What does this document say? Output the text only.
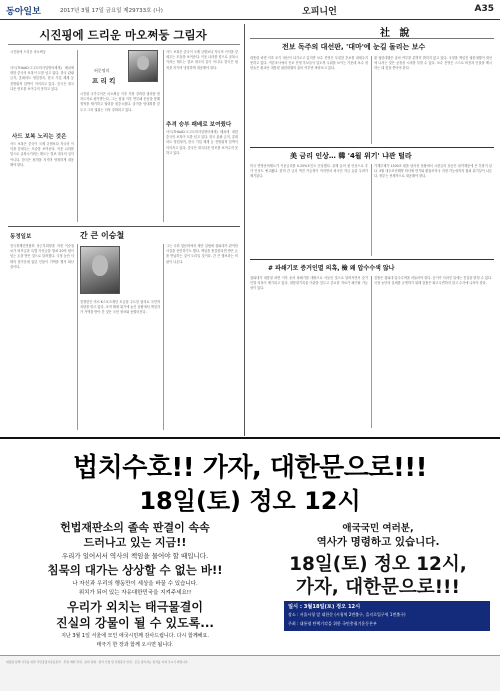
동아일보	2017년 3월 17일 금요일 제29733호 (나)	오피니언	A35
시진핑에 드리운 마오쩌둥 그림자
시진핑에 드리운 마오쩌둥
사드(THAAD·고고도미사일방어체계) 배치에 대한 중국의 보복이 도를 넘고 있다. 한국 관광 금지, 롯데마트 영업정지, 한국 기업 제재 등 전방위적 압박이 이어지고 있다. 중국은 대국다운 면모를 보여주지 못하고 있다.
사드 보복 노리는 것은
사드 보복은 중국이 국제 규범보다 자국의 이익을 앞세우는 모습을 보여준다. 이웃 나라를 힘으로 굴복시키려는 태도는 결코 대국의 길이 아니다. 한국은 원칙을 지키며 냉정하게 대응해야 한다.
허문명의
프 리 킥
시진핑 국가주석은 마오쩌둥 이후 가장 강력한 권력을 쥔 지도자로 평가받는다. 그는 집권 이후 반부패 운동을 통해 정적을 제거하고 권력을 집중시켰다. 올가을 당대회를 앞두고 그의 권위는 더욱 강화되고 있다.
추격 승부 패배로 보여줬다
사드 보복은 중국이 국제 규범보다 자국의 이익을 앞세우는 모습을 보여준다. 이웃 나라를 힘으로 굴복시키려는 태도는 결코 대국의 길이 아니다. 한국은 원칙을 지키며 냉정하게 대응해야 한다.
사드(THAAD·고고도미사일방어체계) 배치에 대한 중국의 보복이 도를 넘고 있다. 한국 관광 금지, 롯데마트 영업정지, 한국 기업 제재 등 전방위적 압박이 이어지고 있다. 중국은 대국다운 면모를 보여주지 못하고 있다.
동정일보	간 큰 이승철
전국경제인연합회 상근부회장을 지낸 이승철 씨가 퇴직금과 특별 가산금을 합쳐 20억 원이 넘는 돈을 받은 것으로 알려졌다. 국정 농단 사태의 한가운데 있던 인물이 거액을 챙겨 떠난 것이다.
전경련은 미르·K스포츠재단 모금을 주도한 혐의로 국민적 지탄을 받고 있다. 조직 해체 위기에 놓인 상황에서 책임자가 거액을 받아 간 것은 국민 정서와 동떨어진다.
그는 국회 청문회에서 재단 설립에 청와대가 관여한 사실을 증언하기도 했다. 책임을 통감한다면 받은 돈을 반납하는 것이 도리일 것이다. 간 큰 행보라는 비판이 나온다.
社 說
전보 독주의 대선판, '대마'에 눈길 돌리는 보수
대통령 파면 이후 조기 대선이 다가오고 있지만 보수 진영은 뚜렷한 후보를 내세우지 못하고 있다. 여론조사에서 진보 진영 후보들이 압도적 우위를 보이는 가운데 보수 정당들은 황교안 대통령 권한대행의 출마 여부만 바라보고 있다.
황 권한대행은 출마 여부를 분명히 밝히지 않고 있다. 국정을 책임진 권한대행이 대선에 나서는 것은 공정성 시비를 부를 수 있다. 보수 진영은 스스로 비전과 인물을 제시하는 데 힘을 쏟아야 한다.
美 금리 인상… 韓 '4월 위기' 냐관 털라
미국 연방준비제도가 기준금리를 0.25%포인트 인상했다. 올해 들어 첫 인상으로 추가 인상도 예고됐다. 한미 간 금리 역전 가능성이 커지면서 외국인 자금 유출 우려가 제기된다.
가계부채가 1300조 원을 넘어선 상황에서 시장금리 상승은 취약계층에 큰 부담이 된다. 4월 대우조선해양 회사채 만기와 환율조작국 지정 가능성까지 겹쳐 위기설이 나온다. 정부는 선제적으로 대응해야 한다.
# 파쇄기로 증거인멸 의혹, 檢 왜 압수수색 않나
청와대가 대통령 파면 이후 문서 파쇄기를 대량으로 사들인 것으로 알려지면서 증거 인멸 의혹이 제기되고 있다. 대통령기록물 이관을 앞두고 중요한 자료가 폐기될 가능성이 있다.
검찰은 청와대 압수수색을 서둘러야 한다. 증거가 사라진 뒤에는 진실을 밝힐 수 없다. 국정 농단의 실체를 규명하기 위해 검찰은 좌고우면하지 말고 수사에 나서야 한다.
법치수호!! 가자, 대한문으로!!!
18일(토) 정오 12시
헌법재판소의 졸속 판결이 속속
드러나고 있는 지금!!
우리가 일어서서 역사의 책임을 물어야 할 때입니다.
침묵의 대가는 상상할 수 없는 바!!
나 자신과 우리의 행동만이 세상을 바꿀 수 있습니다.
위치가 되어 있는 자유대한민국을 지켜주세요!!
우리가 외치는 태극물결이
진실의 강물이 될 수 있도록...
지난 3월 1일 서울에 모인 애국시민께 감사드립니다. 다시 함께해요.
태극기 한 장과 함께 오시면 됩니다.
애국국민 여러분,
역사가 명령하고 있습니다.
18일(토) 정오 12시,
가자, 대한문으로!!!
일시 : 3월18일(토) 정오 12시
장소 : 서울시청 앞 대한문 (시청역 2번출구, 을지로입구역 1번출구)
주최 : 대통령 탄핵기각을 위한 국민총궐기운동본부
대통령 탄핵 기각을 위한 국민총궐기운동본부 · 후원 계좌 안내 · 문의 전화 · 참가 신청 및 자원봉사 안내 · 모든 참가자는 질서를 지켜 주시기 바랍니다.
